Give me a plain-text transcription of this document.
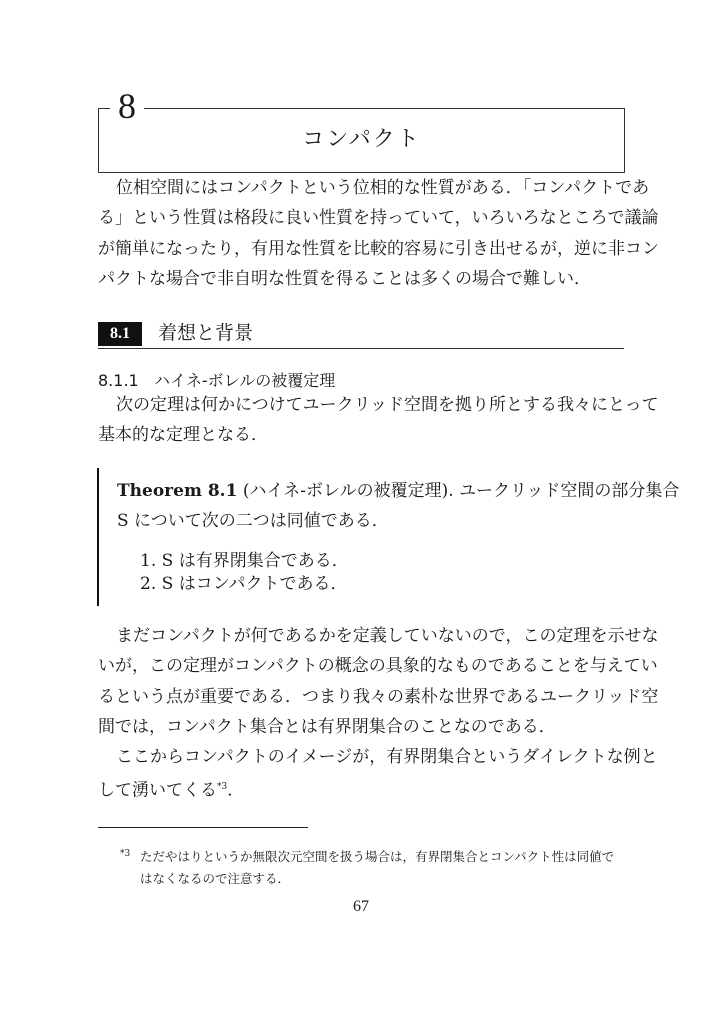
8
コンパクト
位相空間にはコンパクトという位相的な性質がある．「コンパクトであ
る」という性質は格段に良い性質を持っていて，いろいろなところで議論
が簡単になったり，有用な性質を比較的容易に引き出せるが，逆に非コン
パクトな場合で非自明な性質を得ることは多くの場合で難しい．
8.1	着想と背景
8.1.1 ハイネ-ボレルの被覆定理
次の定理は何かにつけてユークリッド空間を拠り所とする我々にとって
基本的な定理となる．
Theorem 8.1 (ハイネ-ボレルの被覆定理). ユークリッド空間の部分集合
S について次の二つは同値である．
1. S は有界閉集合である．
2. S はコンパクトである．
まだコンパクトが何であるかを定義していないので，この定理を示せな
いが，この定理がコンパクトの概念の具象的なものであることを与えてい
るという点が重要である．つまり我々の素朴な世界であるユークリッド空
間では，コンパクト集合とは有界閉集合のことなのである．
ここからコンパクトのイメージが，有界閉集合というダイレクトな例と
して湧いてくる$^{*3}$．
*3 ただやはりというか無限次元空間を扱う場合は，有界閉集合とコンパクト性は同値で
はなくなるので注意する．
67
